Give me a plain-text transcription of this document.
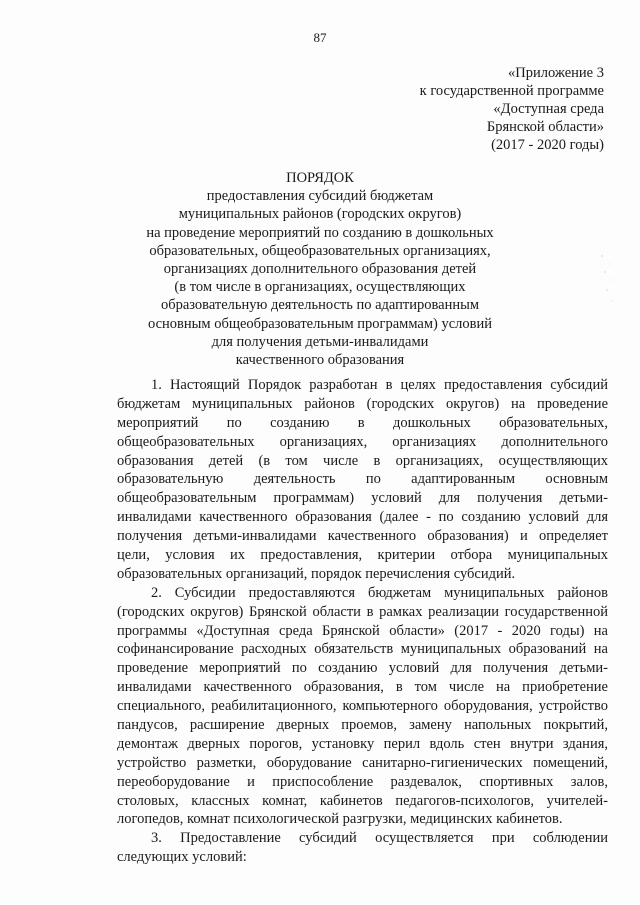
87
«Приложение 3
к государственной программе
«Доступная среда
Брянской области»
(2017 - 2020 годы)
ПОРЯДОК
предоставления субсидий бюджетам
муниципальных районов (городских округов)
на проведение мероприятий по созданию в дошкольных
образовательных, общеобразовательных организациях,
организациях дополнительного образования детей
(в том числе в организациях, осуществляющих
образовательную деятельность по адаптированным
основным общеобразовательным программам) условий
для получения детьми-инвалидами
качественного образования
1. Настоящий Порядок разработан в целях предоставления субсидий
бюджетам муниципальных районов (городских округов) на проведение
мероприятий по созданию в дошкольных образовательных,
общеобразовательных организациях, организациях дополнительного
образования детей (в том числе в организациях, осуществляющих
образовательную деятельность по адаптированным основным
общеобразовательным программам) условий для получения детьми-
инвалидами качественного образования (далее - по созданию условий для
получения детьми-инвалидами качественного образования) и определяет
цели, условия их предоставления, критерии отбора муниципальных
образовательных организаций, порядок перечисления субсидий.
2. Субсидии предоставляются бюджетам муниципальных районов
(городских округов) Брянской области в рамках реализации государственной
программы «Доступная среда Брянской области» (2017 - 2020 годы) на
софинансирование расходных обязательств муниципальных образований на
проведение мероприятий по созданию условий для получения детьми-
инвалидами качественного образования, в том числе на приобретение
специального, реабилитационного, компьютерного оборудования, устройство
пандусов, расширение дверных проемов, замену напольных покрытий,
демонтаж дверных порогов, установку перил вдоль стен внутри здания,
устройство разметки, оборудование санитарно-гигиенических помещений,
переоборудование и приспособление раздевалок, спортивных залов,
столовых, классных комнат, кабинетов педагогов-психологов, учителей-
логопедов, комнат психологической разгрузки, медицинских кабинетов.
3. Предоставление субсидий осуществляется при соблюдении
следующих условий:
